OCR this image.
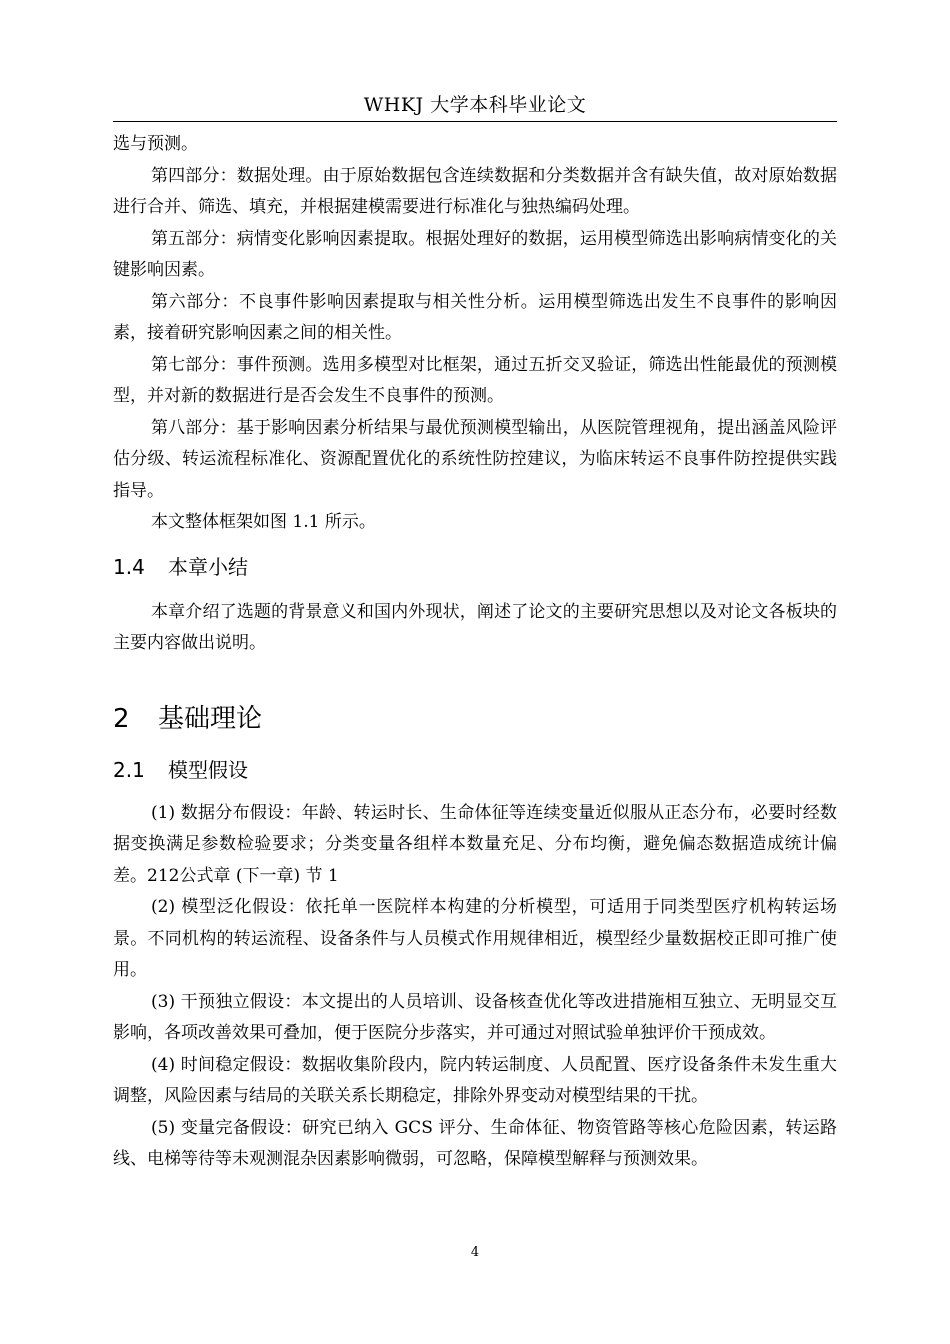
WHKJ 大学本科毕业论文

选与预测。

第四部分：数据处理。由于原始数据包含连续数据和分类数据并含有缺失值，故对原始数据进行合并、筛选、填充，并根据建模需要进行标准化与独热编码处理。

第五部分：病情变化影响因素提取。根据处理好的数据，运用模型筛选出影响病情变化的关键影响因素。

第六部分：不良事件影响因素提取与相关性分析。运用模型筛选出发生不良事件的影响因素，接着研究影响因素之间的相关性。

第七部分：事件预测。选用多模型对比框架，通过五折交叉验证，筛选出性能最优的预测模型，并对新的数据进行是否会发生不良事件的预测。

第八部分：基于影响因素分析结果与最优预测模型输出，从医院管理视角，提出涵盖风险评估分级、转运流程标准化、资源配置优化的系统性防控建议，为临床转运不良事件防控提供实践指导。

本文整体框架如图 1.1 所示。

1.4 本章小结

本章介绍了选题的背景意义和国内外现状，阐述了论文的主要研究思想以及对论文各板块的主要内容做出说明。

2 基础理论
2.1 模型假设

(1) 数据分布假设：年龄、转运时长、生命体征等连续变量近似服从正态分布，必要时经数据变换满足参数检验要求；分类变量各组样本数量充足、分布均衡，避免偏态数据造成统计偏差。212公式章 (下一章) 节 1

(2) 模型泛化假设：依托单一医院样本构建的分析模型，可适用于同类型医疗机构转运场景。不同机构的转运流程、设备条件与人员模式作用规律相近，模型经少量数据校正即可推广使用。

(3) 干预独立假设：本文提出的人员培训、设备核查优化等改进措施相互独立、无明显交互影响，各项改善效果可叠加，便于医院分步落实，并可通过对照试验单独评价干预成效。

(4) 时间稳定假设：数据收集阶段内，院内转运制度、人员配置、医疗设备条件未发生重大调整，风险因素与结局的关联关系长期稳定，排除外界变动对模型结果的干扰。

(5) 变量完备假设：研究已纳入 GCS 评分、生命体征、物资管路等核心危险因素，转运路线、电梯等待等未观测混杂因素影响微弱，可忽略，保障模型解释与预测效果。

4
